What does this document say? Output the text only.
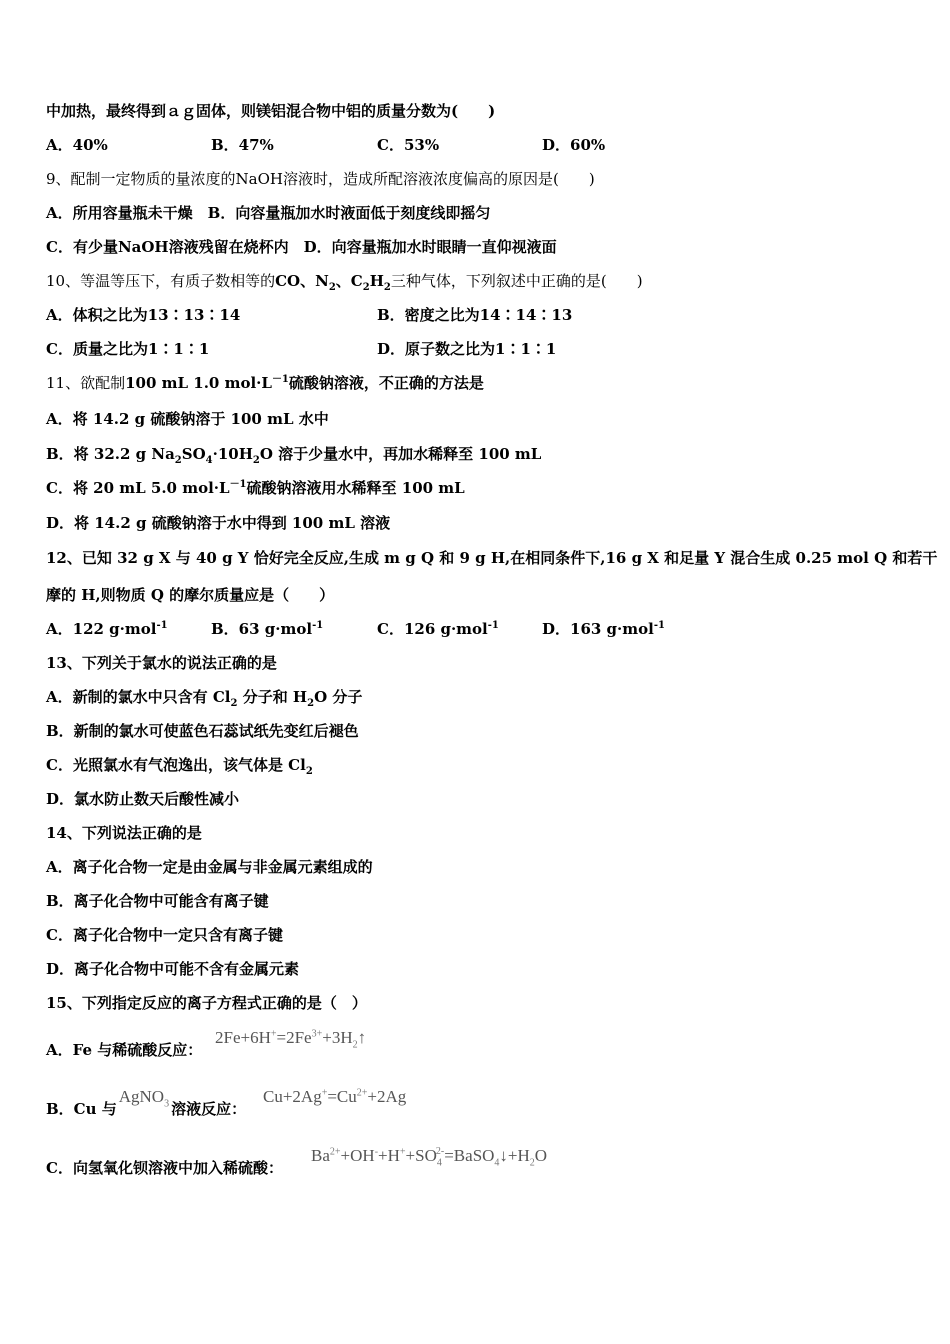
中加热，最终得到ａｇ固体，则镁铝混合物中铝的质量分数为(　　)
A．40%	B．47%	C．53%	D．60%
9、配制一定物质的量浓度的NaOH溶液时，造成所配溶液浓度偏高的原因是(　　)
A．所用容量瓶未干燥　B．向容量瓶加水时液面低于刻度线即摇匀
C．有少量NaOH溶液残留在烧杯内　D．向容量瓶加水时眼睛一直仰视液面
10、等温等压下，有质子数相等的CO、$N_2$、$C_2H_2$三种气体，下列叙述中正确的是(　　)
A．体积之比为13∶13∶14	B．密度之比为14∶14∶13
C．质量之比为1∶1∶1	D．原子数之比为1∶1∶1
11、欲配制100 mL 1.0 $mol\cdot L^{-1}$硫酸钠溶液，不正确的方法是
A．将 14.2 g 硫酸钠溶于 100 mL 水中
B．将 32.2 g $Na_2SO_4\cdot 10H_2O$ 溶于少量水中，再加水稀释至 100 mL
C．将 20 mL 5.0 $mol\cdot L^{-1}$硫酸钠溶液用水稀释至 100 mL
D．将 14.2 g 硫酸钠溶于水中得到 100 mL 溶液
12、已知 32 g X 与 40 g Y 恰好完全反应,生成 m g Q 和 9 g H,在相同条件下,16 g X 和足量 Y 混合生成 0.25 mol Q 和若干
摩的 H,则物质 Q 的摩尔质量应是（　　）
A．122 g·mol$^{-1}$	B．63 g·mol$^{-1}$	C．126 g·mol$^{-1}$	D．163 g·mol$^{-1}$
13、下列关于氯水的说法正确的是
A．新制的氯水中只含有 $Cl_2$ 分子和 $H_2O$ 分子
B．新制的氯水可使蓝色石蕊试纸先变红后褪色
C．光照氯水有气泡逸出，该气体是 $Cl_2$
D．氯水防止数天后酸性减小
14、下列说法正确的是
A．离子化合物一定是由金属与非金属元素组成的
B．离子化合物中可能含有离子键
C．离子化合物中一定只含有离子键
D．离子化合物中可能不含有金属元素
15、下列指定反应的离子方程式正确的是（　）
A．Fe 与稀硫酸反应：
$2Fe+6H^+=2Fe^{3+}+3H_2↑$
B．Cu 与AgNO$_3$ 溶液反应：
$Cu+2Ag^+=Cu^{2+}+2Ag$
C．向氢氧化钡溶液中加入稀硫酸：
$Ba^{2+}+OH^-+H^++SO_4^{2-}=BaSO_4↓+H_2O$
